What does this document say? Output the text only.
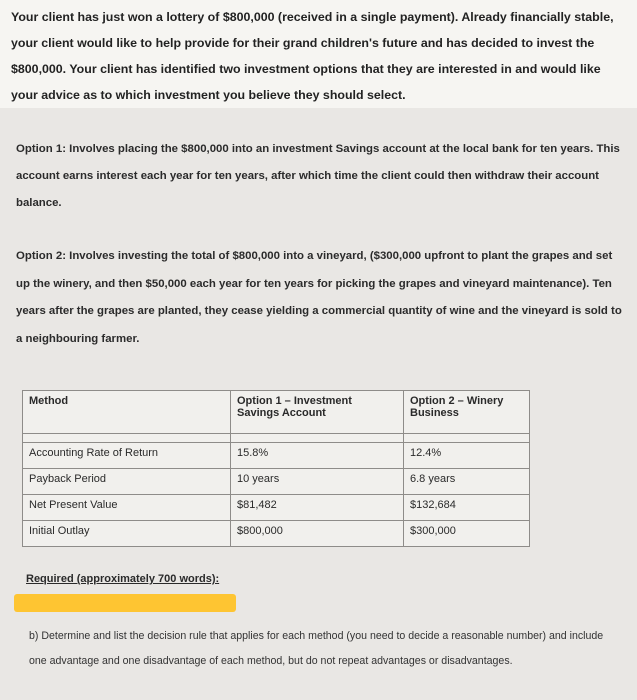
Your client has just won a lottery of $800,000 (received in a single payment). Already financially stable, your client would like to help provide for their grand children's future and has decided to invest the $800,000. Your client has identified two investment options that they are interested in and would like your advice as to which investment you believe they should select.

Option 1: Involves placing the $800,000 into an investment Savings account at the local bank for ten years. This account earns interest each year for ten years, after which time the client could then withdraw their account balance.

Option 2: Involves investing the total of $800,000 into a vineyard, ($300,000 upfront to plant the grapes and set up the winery, and then $50,000 each year for ten years for picking the grapes and vineyard maintenance). Ten years after the grapes are planted, they cease yielding a commercial quantity of wine and the vineyard is sold to a neighbouring farmer.

Method	Option 1 – Investment Savings Account	Option 2 – Winery Business

Accounting Rate of Return	15.8%	12.4%
Payback Period	10 years	6.8 years
Net Present Value	$81,482	$132,684
Initial Outlay	$800,000	$300,000
Required (approximately 700 words):

b) Determine and list the decision rule that applies for each method (you need to decide a reasonable number) and include one advantage and one disadvantage of each method, but do not repeat advantages or disadvantages.
